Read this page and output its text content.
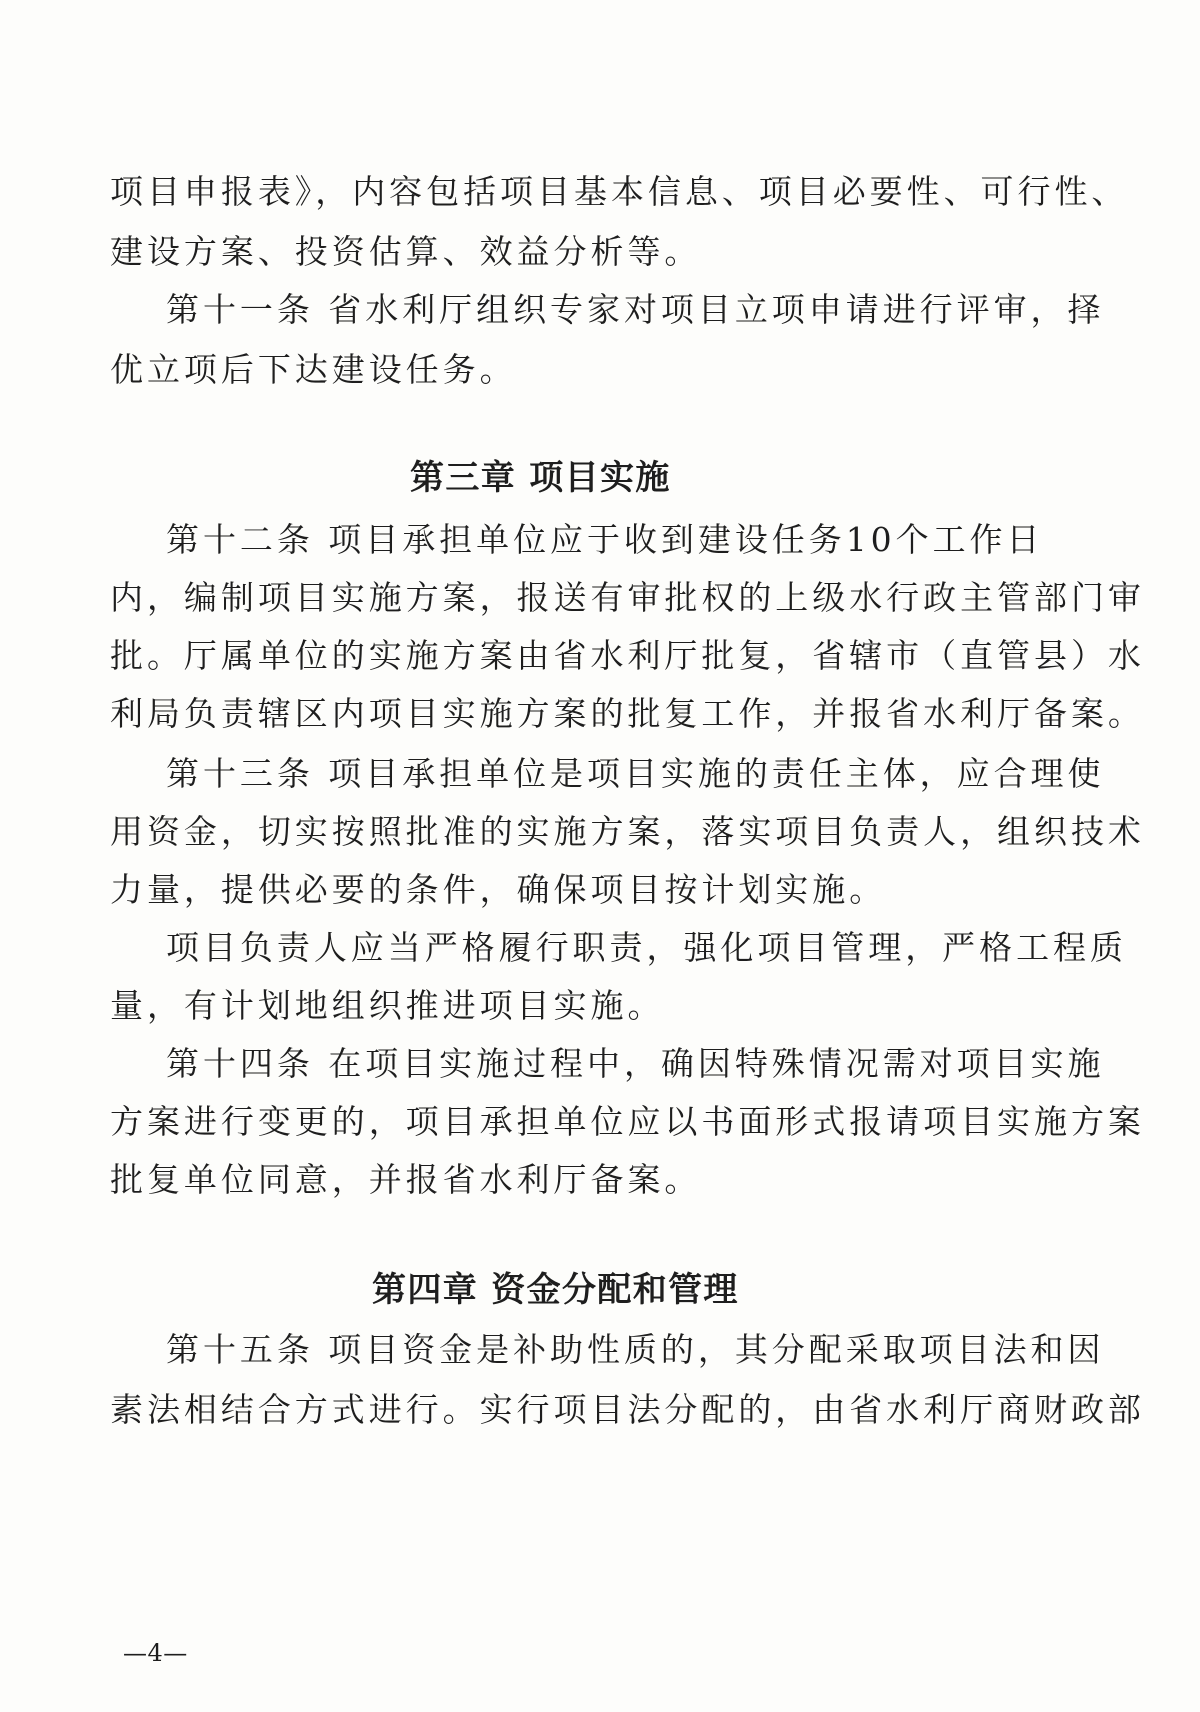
项目申报表》，内容包括项目基本信息、项目必要性、可行性、
建设方案、投资估算、效益分析等。
第十一条 省水利厅组织专家对项目立项申请进行评审，择
优立项后下达建设任务。
第三章 项目实施
第十二条 项目承担单位应于收到建设任务10个工作日
内，编制项目实施方案，报送有审批权的上级水行政主管部门审
批。厅属单位的实施方案由省水利厅批复，省辖市（直管县）水
利局负责辖区内项目实施方案的批复工作，并报省水利厅备案。
第十三条 项目承担单位是项目实施的责任主体，应合理使
用资金，切实按照批准的实施方案，落实项目负责人，组织技术
力量，提供必要的条件，确保项目按计划实施。
项目负责人应当严格履行职责，强化项目管理，严格工程质
量，有计划地组织推进项目实施。
第十四条 在项目实施过程中，确因特殊情况需对项目实施
方案进行变更的，项目承担单位应以书面形式报请项目实施方案
批复单位同意，并报省水利厅备案。
第四章 资金分配和管理
第十五条 项目资金是补助性质的，其分配采取项目法和因
素法相结合方式进行。实行项目法分配的，由省水利厅商财政部
—4—
